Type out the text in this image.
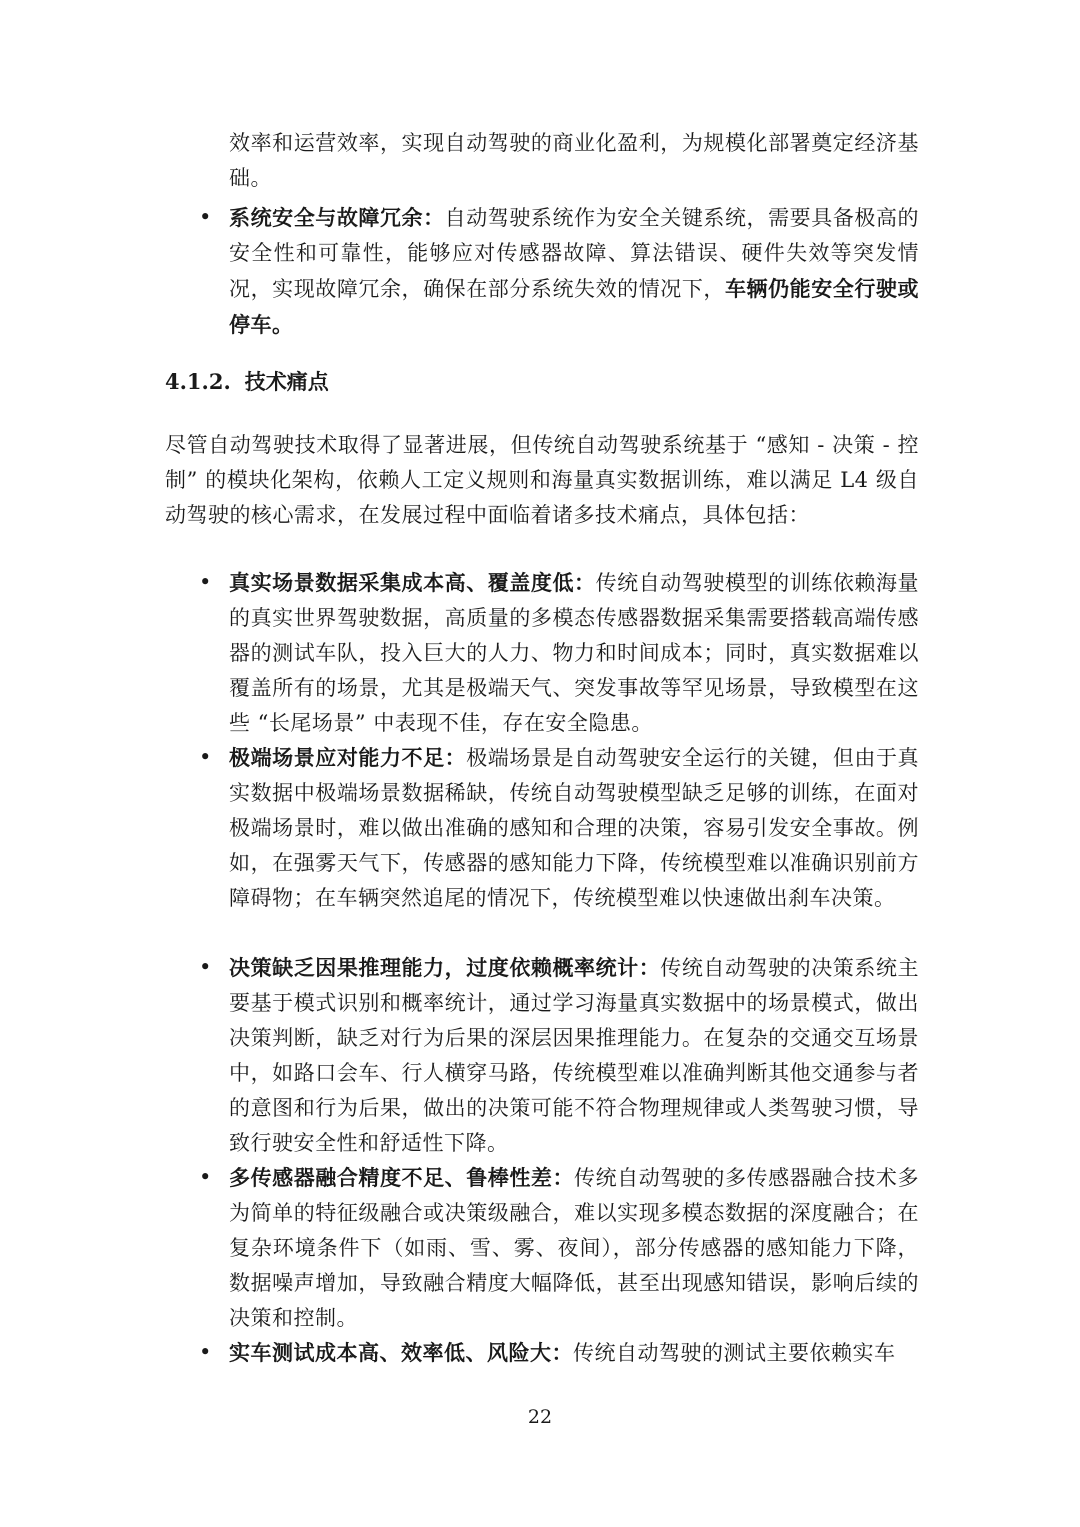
效率和运营效率，实现自动驾驶的商业化盈利，为规模化部署奠定经济基础。
• 系统安全与故障冗余：自动驾驶系统作为安全关键系统，需要具备极高的安全性和可靠性，能够应对传感器故障、算法错误、硬件失效等突发情况，实现故障冗余，确保在部分系统失效的情况下，车辆仍能安全行驶或停车。
4.1.2. 技术痛点
尽管自动驾驶技术取得了显著进展，但传统自动驾驶系统基于 “感知 - 决策 - 控制” 的模块化架构，依赖人工定义规则和海量真实数据训练，难以满足 L4 级自动驾驶的核心需求，在发展过程中面临着诸多技术痛点，具体包括：
• 真实场景数据采集成本高、覆盖度低：传统自动驾驶模型的训练依赖海量的真实世界驾驶数据，高质量的多模态传感器数据采集需要搭载高端传感器的测试车队，投入巨大的人力、物力和时间成本；同时，真实数据难以覆盖所有的场景，尤其是极端天气、突发事故等罕见场景，导致模型在这些 “长尾场景” 中表现不佳，存在安全隐患。
• 极端场景应对能力不足：极端场景是自动驾驶安全运行的关键，但由于真实数据中极端场景数据稀缺，传统自动驾驶模型缺乏足够的训练，在面对极端场景时，难以做出准确的感知和合理的决策，容易引发安全事故。例如，在强雾天气下，传感器的感知能力下降，传统模型难以准确识别前方障碍物；在车辆突然追尾的情况下，传统模型难以快速做出刹车决策。
• 决策缺乏因果推理能力，过度依赖概率统计：传统自动驾驶的决策系统主要基于模式识别和概率统计，通过学习海量真实数据中的场景模式，做出决策判断，缺乏对行为后果的深层因果推理能力。在复杂的交通交互场景中，如路口会车、行人横穿马路，传统模型难以准确判断其他交通参与者的意图和行为后果，做出的决策可能不符合物理规律或人类驾驶习惯，导致行驶安全性和舒适性下降。
• 多传感器融合精度不足、鲁棒性差：传统自动驾驶的多传感器融合技术多为简单的特征级融合或决策级融合，难以实现多模态数据的深度融合；在复杂环境条件下（如雨、雪、雾、夜间），部分传感器的感知能力下降，数据噪声增加，导致融合精度大幅降低，甚至出现感知错误，影响后续的决策和控制。
• 实车测试成本高、效率低、风险大：传统自动驾驶的测试主要依赖实车
22
